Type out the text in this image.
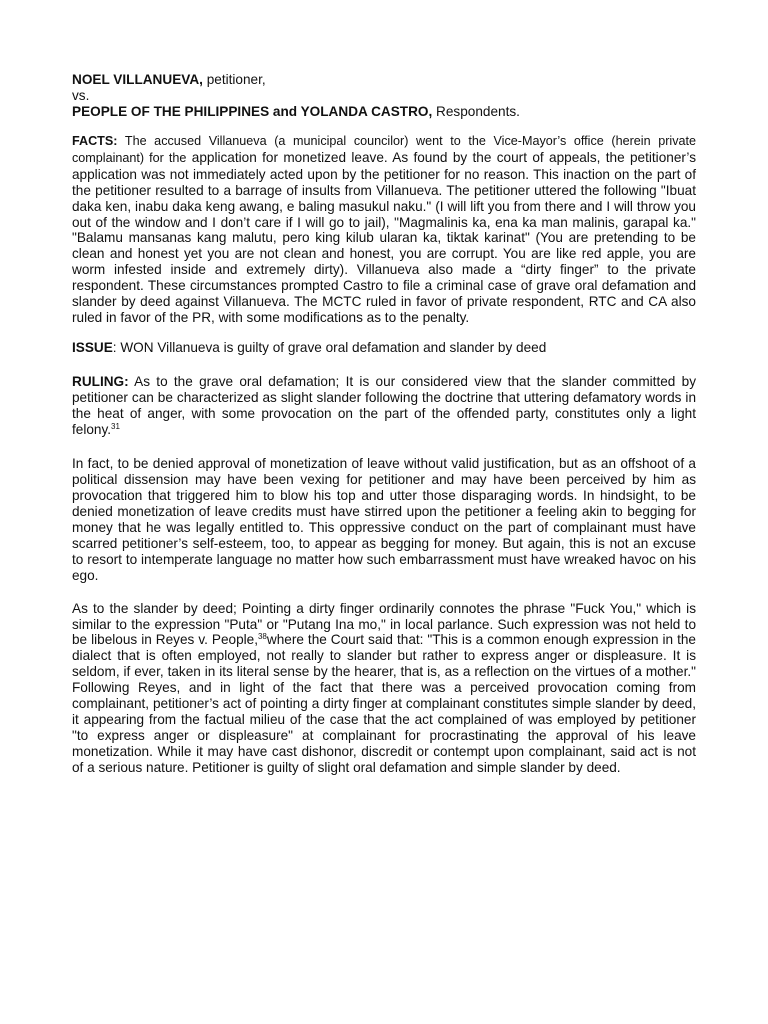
NOEL VILLANUEVA, petitioner,

vs.

PEOPLE OF THE PHILIPPINES and YOLANDA CASTRO, Respondents.

FACTS: The accused Villanueva (a municipal councilor) went to the Vice-Mayor’s office (herein private complainant) for the application for monetized leave. As found by the court of appeals, the petitioner’s application was not immediately acted upon by the petitioner for no reason. This inaction on the part of the petitioner resulted to a barrage of insults from Villanueva. The petitioner uttered the following "Ibuat daka ken, inabu daka keng awang, e baling masukul naku." (I will lift you from there and I will throw you out of the window and I don’t care if I will go to jail), "Magmalinis ka, ena ka man malinis, garapal ka." "Balamu mansanas kang malutu, pero king kilub ularan ka, tiktak karinat" (You are pretending to be clean and honest yet you are not clean and honest, you are corrupt. You are like red apple, you are worm infested inside and extremely dirty). Villanueva also made a “dirty finger” to the private respondent. These circumstances prompted Castro to file a criminal case of grave oral defamation and slander by deed against Villanueva. The MCTC ruled in favor of private respondent, RTC and CA also ruled in favor of the PR, with some modifications as to the penalty.

ISSUE: WON Villanueva is guilty of grave oral defamation and slander by deed

RULING: As to the grave oral defamation; It is our considered view that the slander committed by petitioner can be characterized as slight slander following the doctrine that uttering defamatory words in the heat of anger, with some provocation on the part of the offended party, constitutes only a light felony.$^{31}$

In fact, to be denied approval of monetization of leave without valid justification, but as an offshoot of a political dissension may have been vexing for petitioner and may have been perceived by him as provocation that triggered him to blow his top and utter those disparaging words. In hindsight, to be denied monetization of leave credits must have stirred upon the petitioner a feeling akin to begging for money that he was legally entitled to. This oppressive conduct on the part of complainant must have scarred petitioner’s self-esteem, too, to appear as begging for money. But again, this is not an excuse to resort to intemperate language no matter how such embarrassment must have wreaked havoc on his ego.

As to the slander by deed; Pointing a dirty finger ordinarily connotes the phrase "Fuck You," which is similar to the expression "Puta" or "Putang Ina mo," in local parlance. Such expression was not held to be libelous in Reyes v. People,$^{38}$where the Court said that: "This is a common enough expression in the dialect that is often employed, not really to slander but rather to express anger or displeasure. It is seldom, if ever, taken in its literal sense by the hearer, that is, as a reflection on the virtues of a mother." Following Reyes, and in light of the fact that there was a perceived provocation coming from complainant, petitioner’s act of pointing a dirty finger at complainant constitutes simple slander by deed, it appearing from the factual milieu of the case that the act complained of was employed by petitioner "to express anger or displeasure" at complainant for procrastinating the approval of his leave monetization. While it may have cast dishonor, discredit or contempt upon complainant, said act is not of a serious nature. Petitioner is guilty of slight oral defamation and simple slander by deed.
